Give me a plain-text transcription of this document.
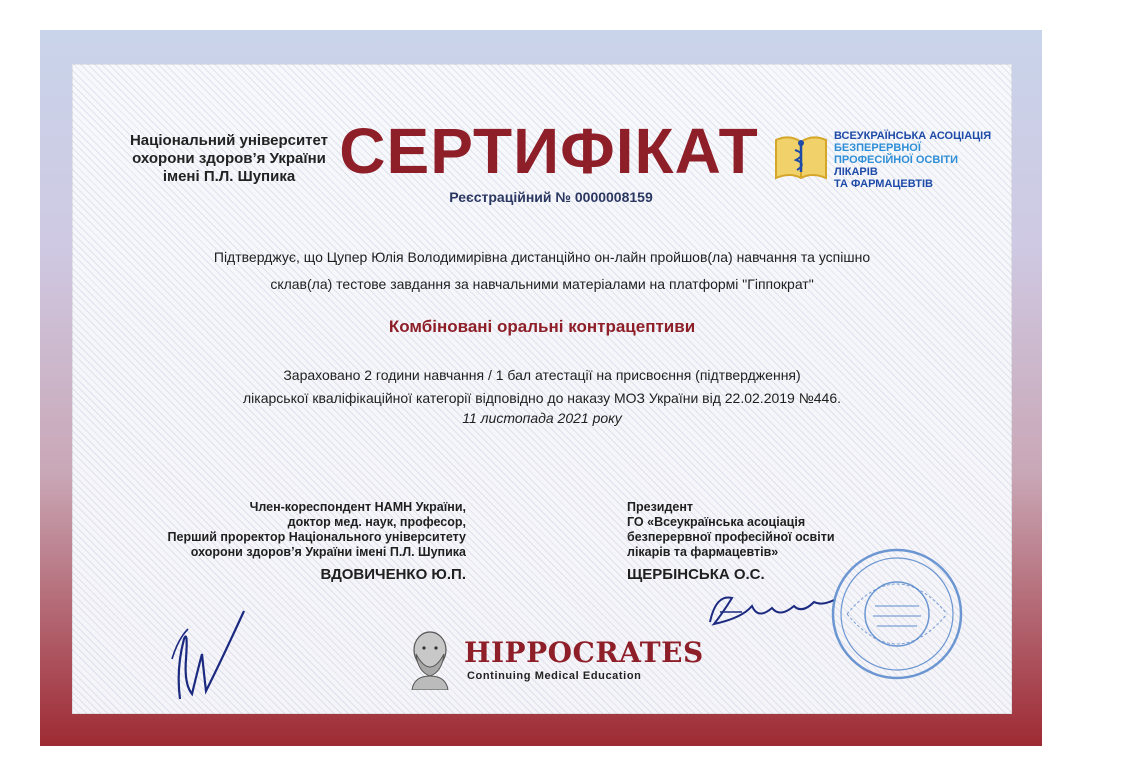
Національний університет охорони здоров’я України імені П.Л. Шупика СЕРТИФІКАТ
Реєстраційний № 0000008159
ВСЕУКРАЇНСЬКА АСОЦІАЦІЯ
БЕЗПЕРЕРВНОЇ
ПРОФЕСІЙНОЇ ОСВІТИ
ЛІКАРІВ
ТА ФАРМАЦЕВТІВ
Підтверджує, що Цупер Юлія Володимирівна дистанційно он-лайн пройшов(ла) навчання та успішно
склав(ла) тестове завдання за навчальними матеріалами на платформі "Гіппократ"
Комбіновані оральні контрацептиви
Зараховано 2 години навчання / 1 бал атестації на присвоєння (підтвердження)
лікарської кваліфікаційної категорії відповідно до наказу МОЗ України від 22.02.2019 №446.
11 листопада 2021 року
Член-кореспондент НАМН України,
доктор мед. наук, професор,
Перший проректор Національного університету
охорони здоров’я України імені П.Л. Шупика
ВДОВИЧЕНКО Ю.П.
Президент
ГО «Всеукраїнська асоціація
безперервної професійної освіти
лікарів та фармацевтів»
ЩЕРБІНСЬКА О.С.
HIPPOCRATES
Continuing Medical Education
